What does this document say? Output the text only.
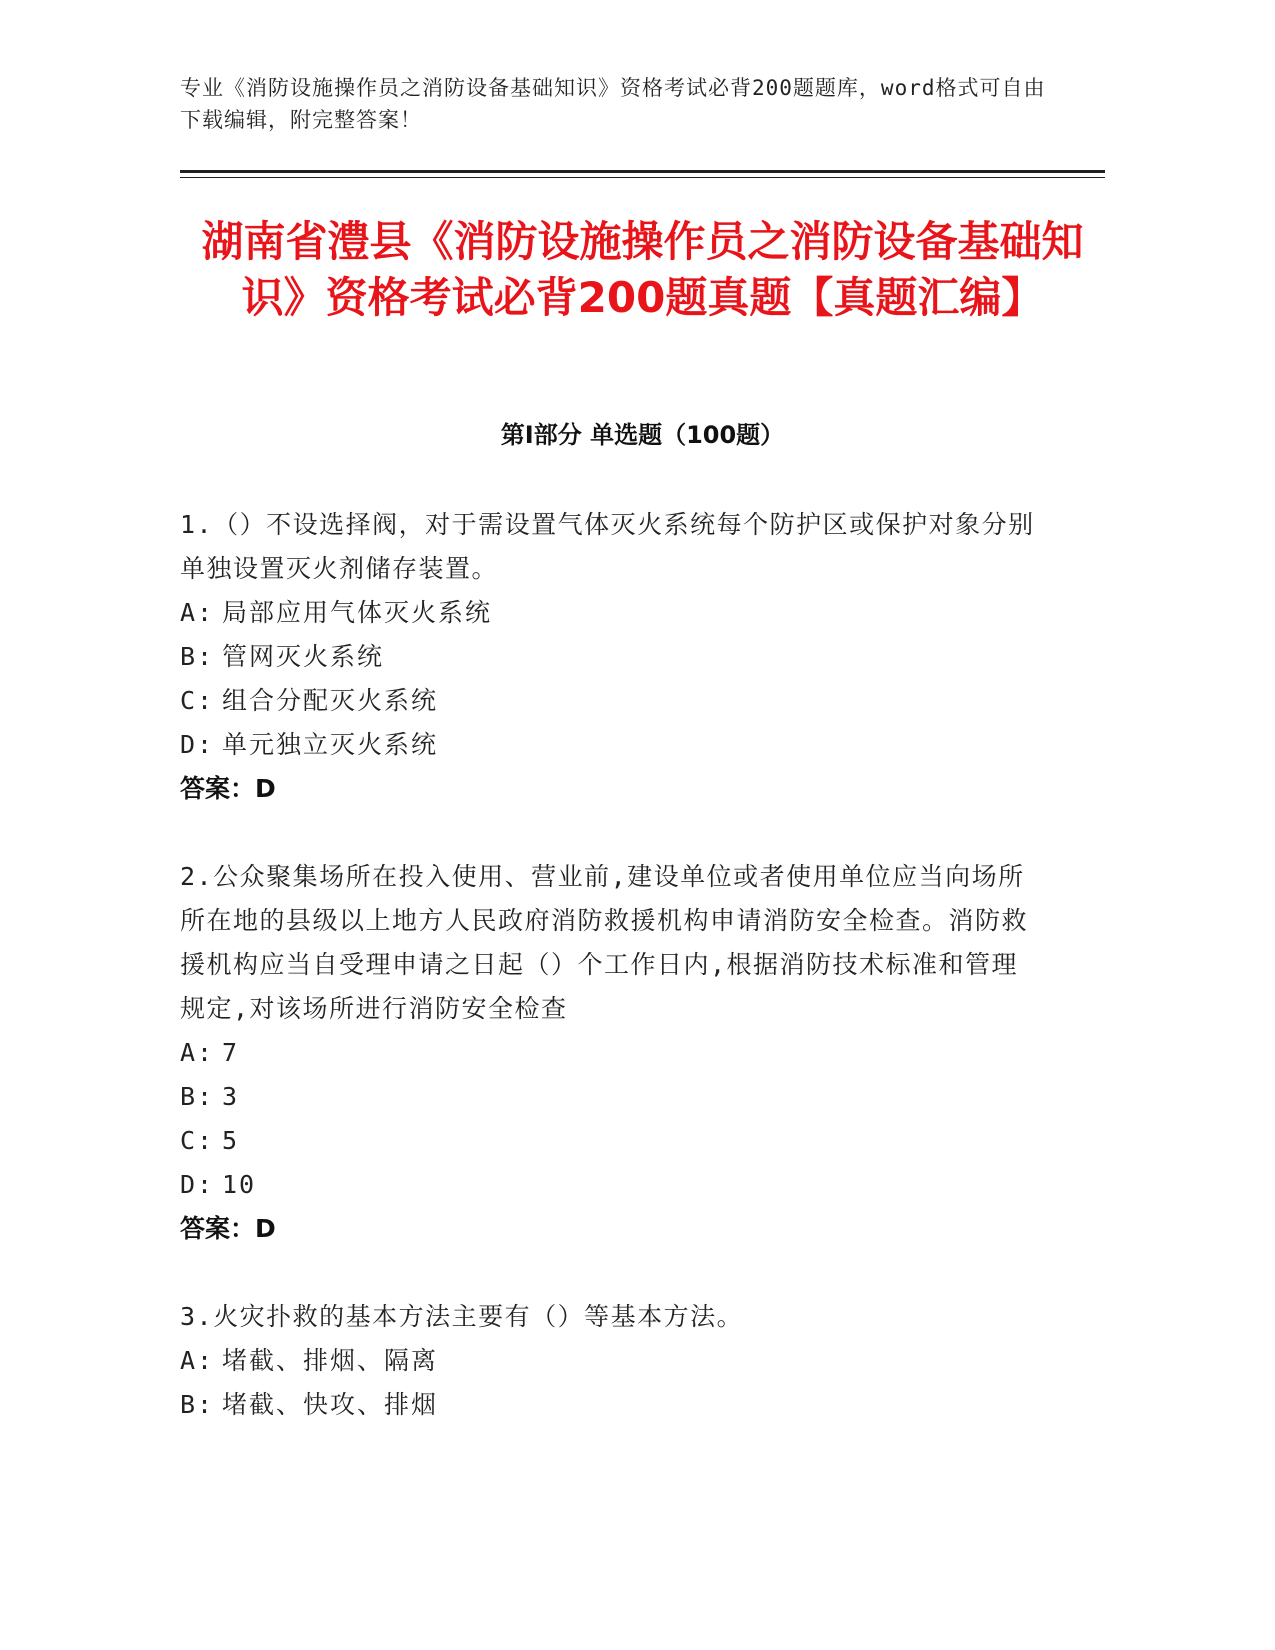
专业《消防设施操作员之消防设备基础知识》资格考试必背200题题库，word格式可自由下载编辑，附完整答案！
湖南省澧县《消防设施操作员之消防设备基础知识》资格考试必背200题真题【真题汇编】
第I部分 单选题（100题）

1.（）不设选择阀，对于需设置气体灭火系统每个防护区或保护对象分别单独设置灭火剂储存装置。

A: 局部应用气体灭火系统
B: 管网灭火系统
C: 组合分配灭火系统
D: 单元独立灭火系统

答案：D

2.公众聚集场所在投入使用、营业前,建设单位或者使用单位应当向场所所在地的县级以上地方人民政府消防救援机构申请消防安全检查。消防救援机构应当自受理申请之日起（）个工作日内,根据消防技术标准和管理规定,对该场所进行消防安全检查

A: 7
B: 3
C: 5
D: 10

答案：D

3.火灾扑救的基本方法主要有（）等基本方法。

A: 堵截、排烟、隔离
B: 堵截、快攻、排烟
